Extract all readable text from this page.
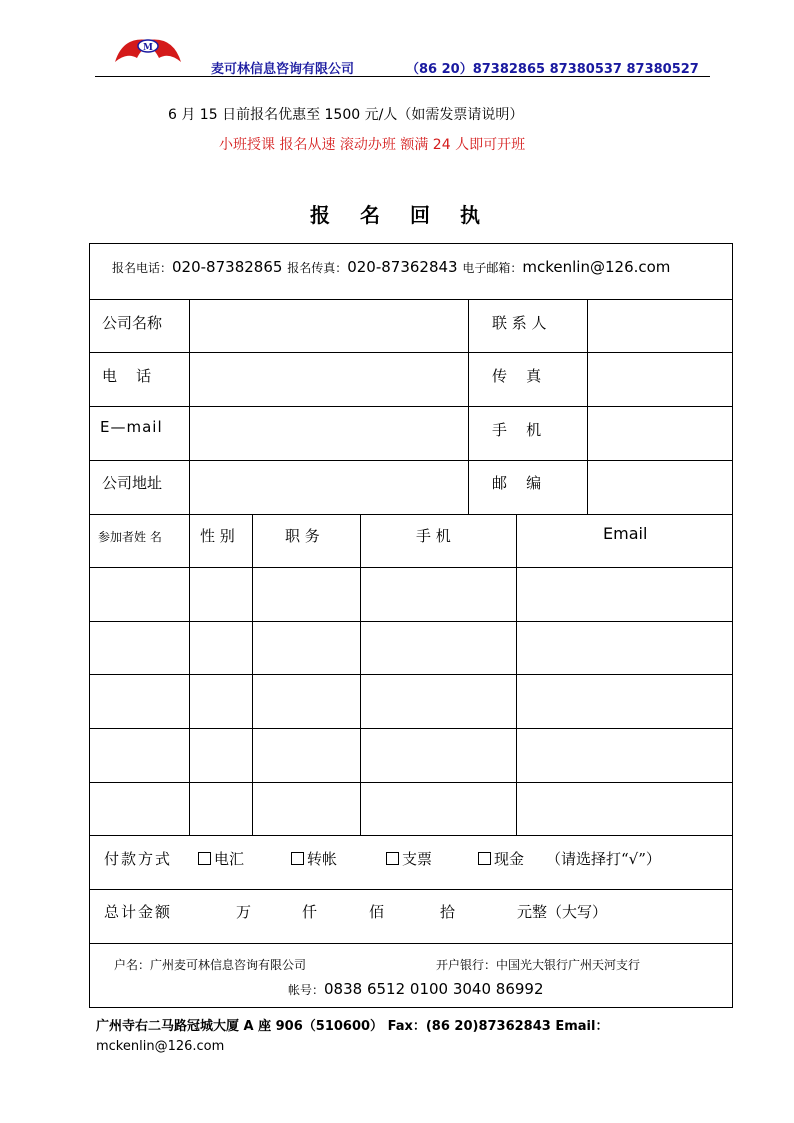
M
麦可林信息咨询有限公司	（86 20）87382865 87380537 87380527
6 月 15 日前报名优惠至 1500 元/人（如需发票请说明）
小班授课 报名从速 滚动办班 额满 24 人即可开班
报名回执
报名电话：020-87382865 报名传真：020-87362843 电子邮箱：mckenlin@126.com
公司名称	联 系 人
电    话	传    真
E—mail	手    机
公司地址	邮    编
参加者姓 名	性 别	职 务	手 机	Email
付款方式	电汇	转帐	支票	现金 （请选择打“√”）
总计金额	万	仟	佰	拾	元整（大写）
户名：广州麦可林信息咨询有限公司	开户银行：中国光大银行广州天河支行
帐号：0838 6512 0100 3040 86992
广州寺右二马路冠城大厦 A 座 906（510600） Fax：(86 20)87362843 Email：
mckenlin@126.com
